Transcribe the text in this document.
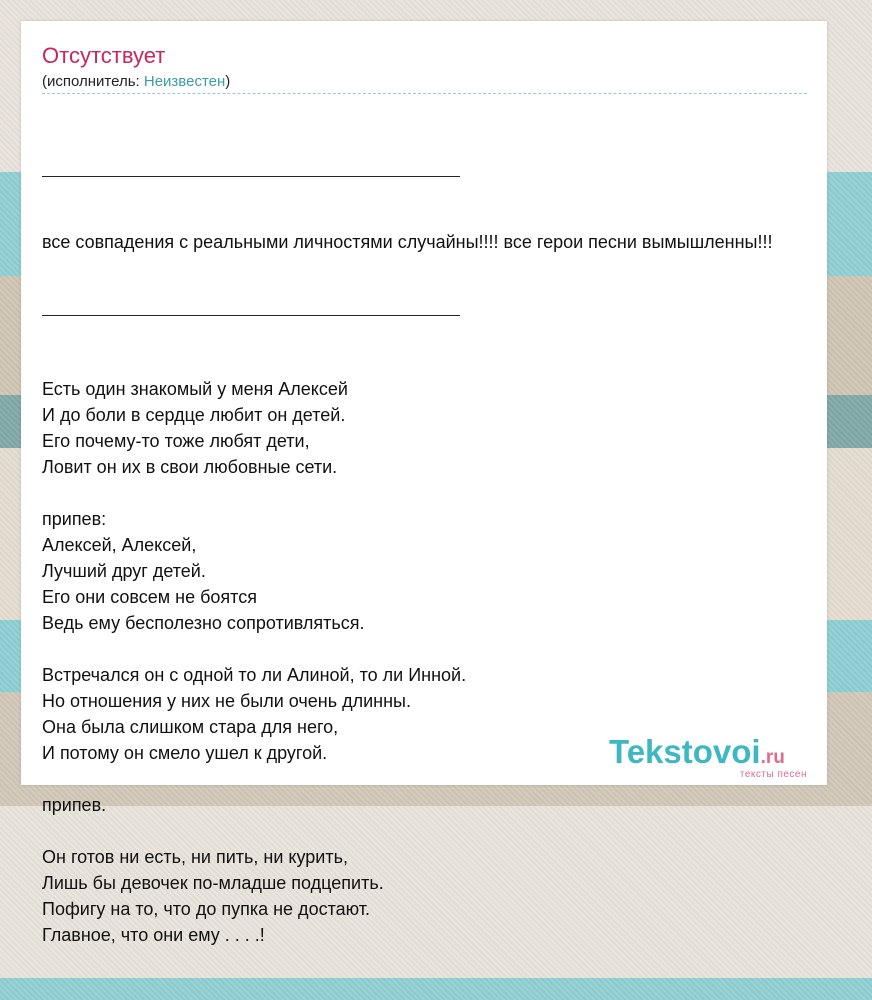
Отсутствует
(исполнитель: Неизвестен)

все совпадения с реальными личностями случайны!!!! все герои песни вымышленны!!!

Есть один знакомый у меня Алексей
И до боли в сердце любит он детей.
Его почему-то тоже любят дети,
Ловит он их в свои любовные сети.
припев:
Алексей, Алексей,
Лучший друг детей.
Его они совсем не боятся
Ведь ему бесполезно сопротивляться.
Встречался он с одной то ли Алиной, то ли Инной.
Но отношения у них не были очень длинны.
Она была слишком стара для него,
И потому он смело ушел к другой.
припев.
Он готов ни есть, ни пить, ни курить,
Лишь бы девочек по-младше подцепить.
Пофигу на то, что до пупка не достают.
Главное, что они ему . . . .!

Tekstovoi.ru
тексты песен
